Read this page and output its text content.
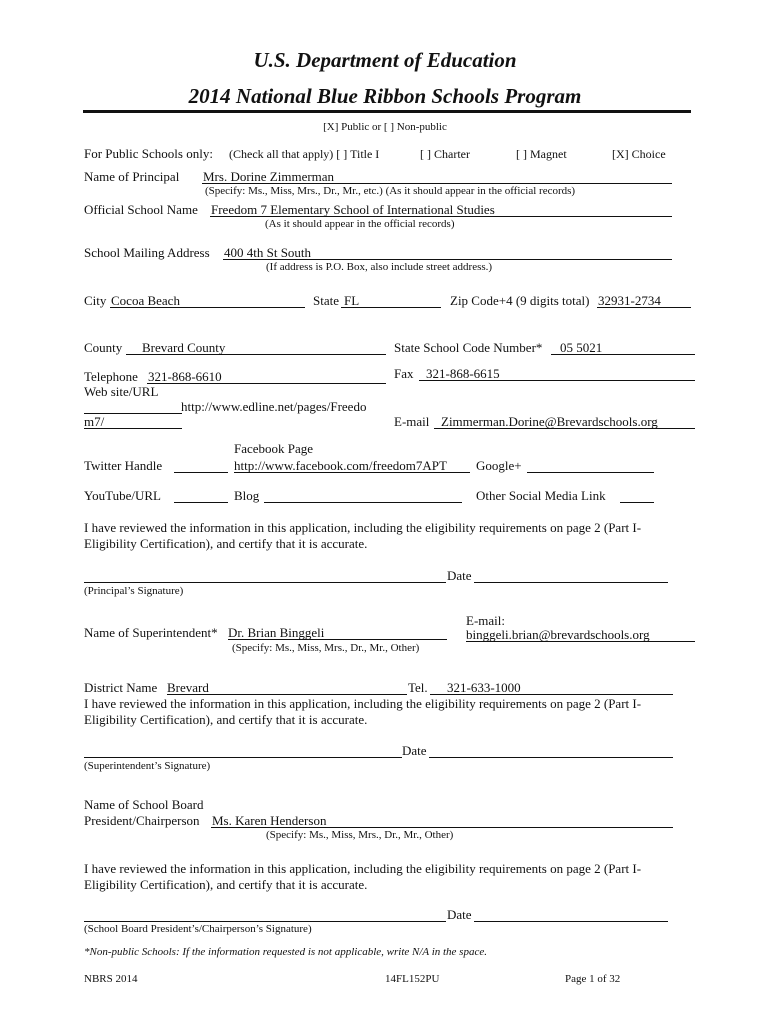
U.S. Department of Education
2014 National Blue Ribbon Schools Program
[X] Public or [ ] Non-public
For Public Schools only: (Check all that apply) [ ] Title I	[ ] Charter	[ ] Magnet	[X] Choice
Name of Principal Mrs. Dorine Zimmerman
(Specify: Ms., Miss, Mrs., Dr., Mr., etc.) (As it should appear in the official records)
Official School Name Freedom 7 Elementary School of International Studies
(As it should appear in the official records)
School Mailing Address 400 4th St South
(If address is P.O. Box, also include street address.)
City Cocoa Beach	State FL	Zip Code+4 (9 digits total) 32931-2734
County Brevard County	State School Code Number* 05 5021
Telephone 321-868-6610	Fax 321-868-6615
Web site/URL
http://www.edline.net/pages/Freedo
m7/	E-mail Zimmerman.Dorine@Brevardschools.org
Facebook Page
Twitter Handle	http://www.facebook.com/freedom7APT Google+
YouTube/URL	Blog	Other Social Media Link
I have reviewed the information in this application, including the eligibility requirements on page 2 (Part I-
Eligibility Certification), and certify that it is accurate.
Date
(Principal’s Signature)
E-mail:
Name of Superintendent* Dr. Brian Binggeli	binggeli.brian@brevardschools.org
(Specify: Ms., Miss, Mrs., Dr., Mr., Other)
District Name Brevard	Tel. 321-633-1000
I have reviewed the information in this application, including the eligibility requirements on page 2 (Part I-
Eligibility Certification), and certify that it is accurate.
Date
(Superintendent’s Signature)
Name of School Board
President/Chairperson Ms. Karen Henderson
(Specify: Ms., Miss, Mrs., Dr., Mr., Other)
I have reviewed the information in this application, including the eligibility requirements on page 2 (Part I-
Eligibility Certification), and certify that it is accurate.
Date
(School Board President’s/Chairperson’s Signature)
*Non-public Schools: If the information requested is not applicable, write N/A in the space.
NBRS 2014	14FL152PU	Page 1 of 32
